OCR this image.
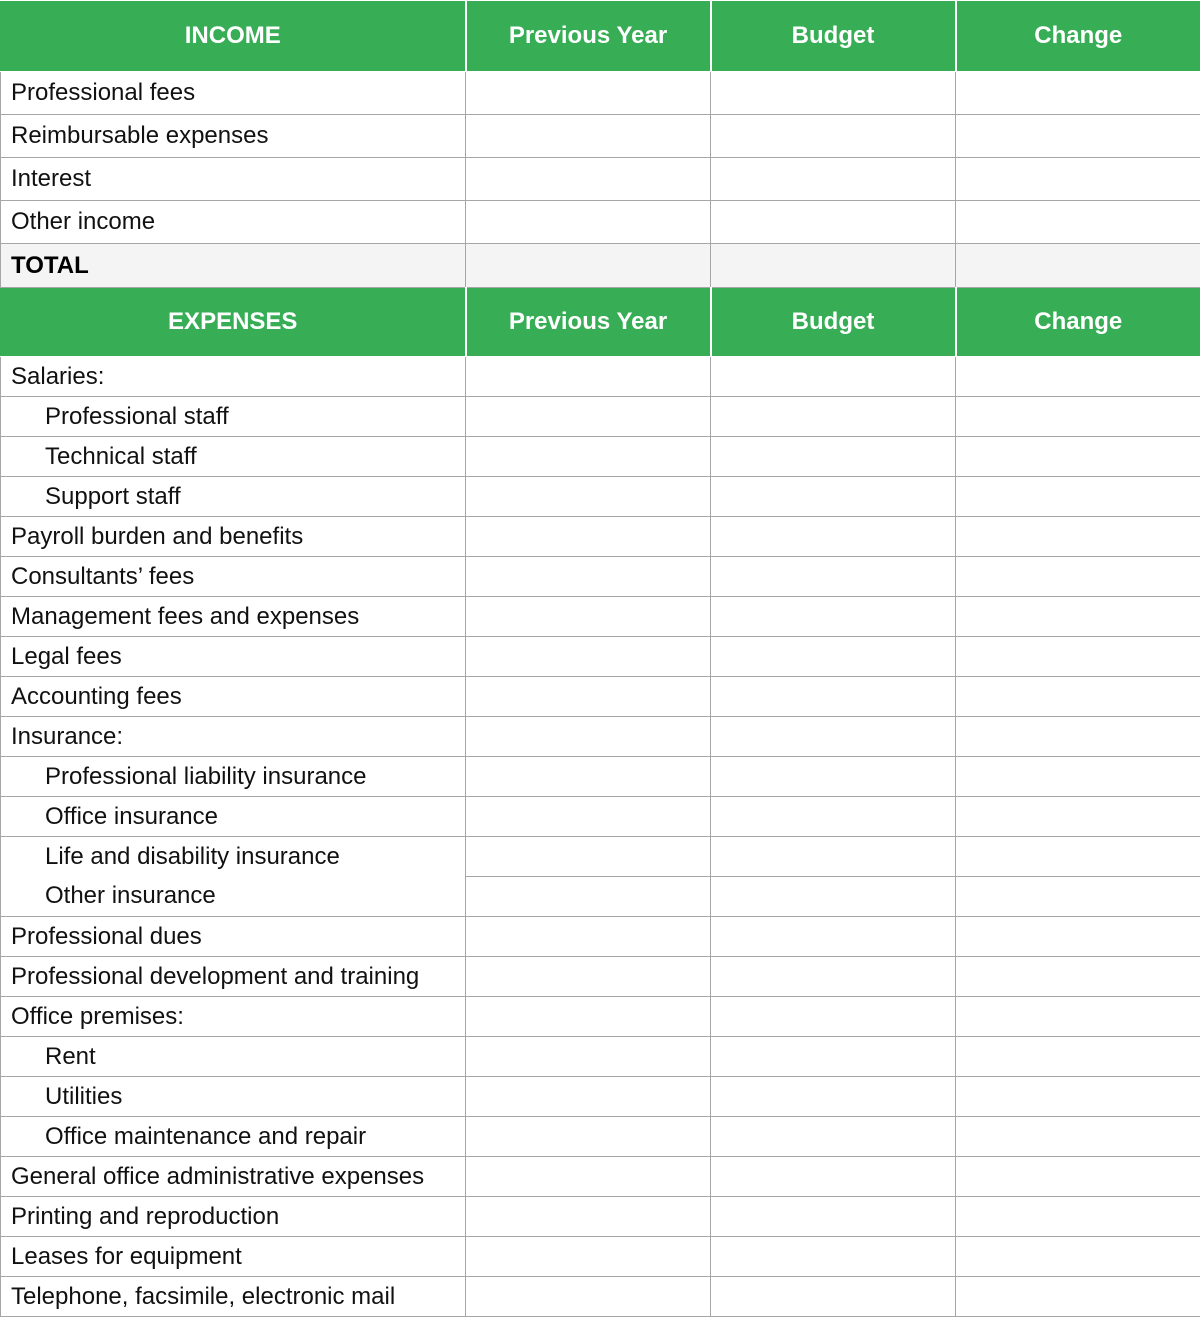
INCOME	Previous Year	Budget	Change
Professional fees			
Reimbursable expenses			
Interest			
Other income			
TOTAL			
EXPENSES	Previous Year	Budget	Change
Salaries:			
Professional staff			
Technical staff			
Support staff			
Payroll burden and benefits			
Consultants’ fees			
Management fees and expenses			
Legal fees			
Accounting fees			
Insurance:			
Professional liability insurance			
Office insurance			
Life and disability insurance			
Other insurance			
Professional dues			
Professional development and training			
Office premises:			
Rent			
Utilities			
Office maintenance and repair			
General office administrative expenses			
Printing and reproduction			
Leases for equipment			
Telephone, facsimile, electronic mail			
